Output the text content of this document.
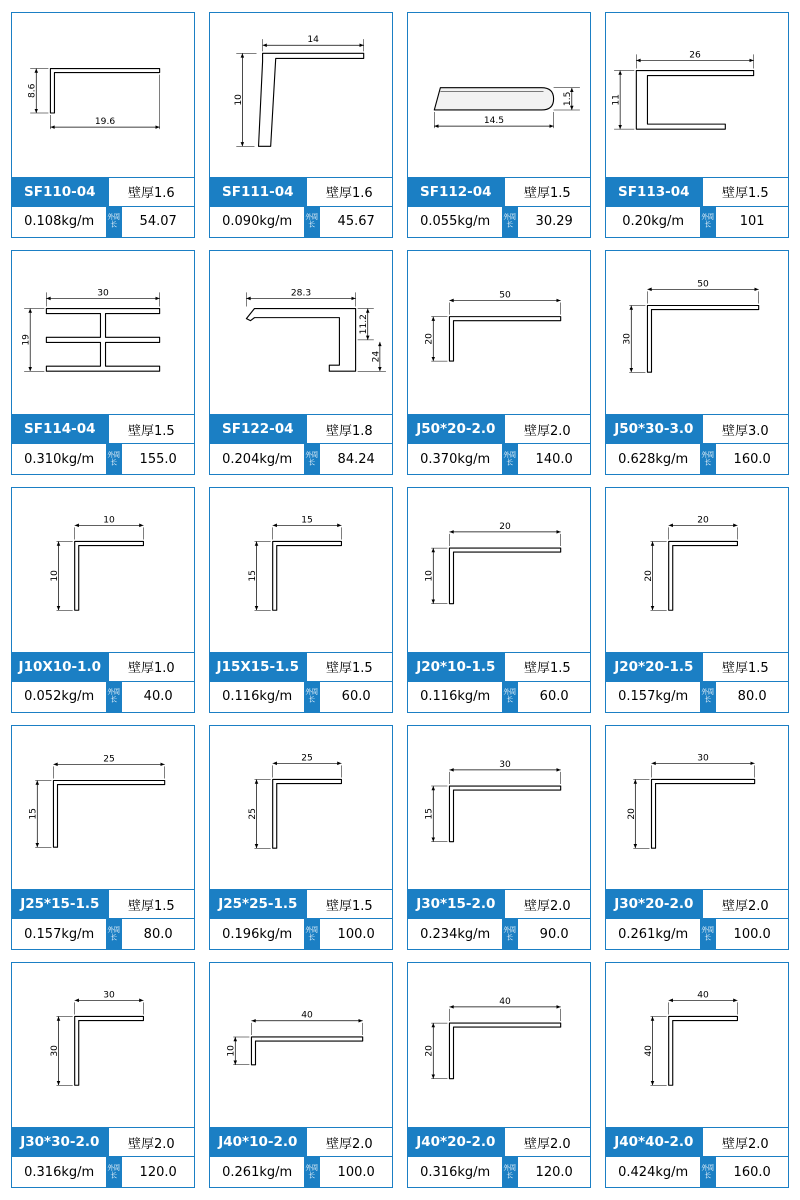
8.6
19.6
SF110-04	壁厚1.6
0.108kg/m	外周长	54.07
14
10
SF111-04	壁厚1.6
0.090kg/m	外周长	45.67
1.5
14.5
SF112-04	壁厚1.5
0.055kg/m	外周长	30.29
26
11
SF113-04	壁厚1.5
0.20kg/m	外周长	101
30
19
SF114-04	壁厚1.5
0.310kg/m	外周长	155.0
28.3
11.2
24
SF122-04	壁厚1.8
0.204kg/m	外周长	84.24
50
20
J50*20-2.0	壁厚2.0
0.370kg/m	外周长	140.0
50
30
J50*30-3.0	壁厚3.0
0.628kg/m	外周长	160.0
10
10
J10X10-1.0	壁厚1.0
0.052kg/m	外周长	40.0
15
15
J15X15-1.5	壁厚1.5
0.116kg/m	外周长	60.0
20
10
J20*10-1.5	壁厚1.5
0.116kg/m	外周长	60.0
20
20
J20*20-1.5	壁厚1.5
0.157kg/m	外周长	80.0
25
15
J25*15-1.5	壁厚1.5
0.157kg/m	外周长	80.0
25
25
J25*25-1.5	壁厚1.5
0.196kg/m	外周长	100.0
30
15
J30*15-2.0	壁厚2.0
0.234kg/m	外周长	90.0
30
20
J30*20-2.0	壁厚2.0
0.261kg/m	外周长	100.0
30
30
J30*30-2.0	壁厚2.0
0.316kg/m	外周长	120.0
40
10
J40*10-2.0	壁厚2.0
0.261kg/m	外周长	100.0
40
20
J40*20-2.0	壁厚2.0
0.316kg/m	外周长	120.0
40
40
J40*40-2.0	壁厚2.0
0.424kg/m	外周长	160.0
